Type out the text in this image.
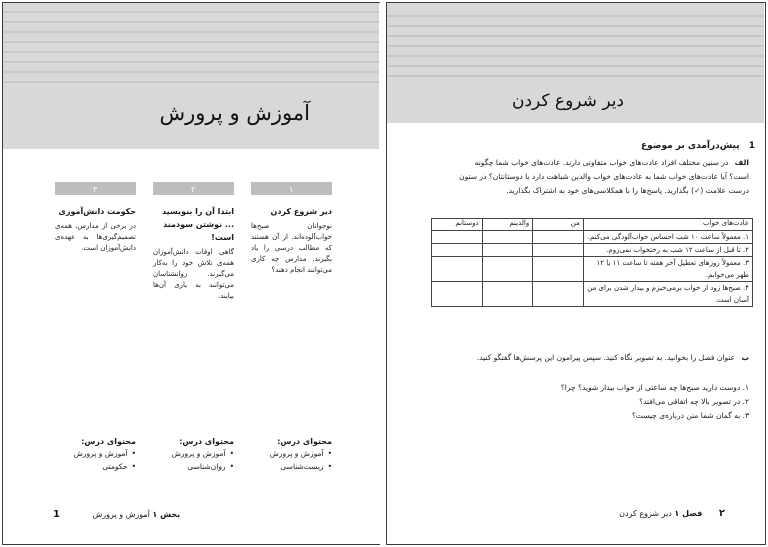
آموزش و پرورش
۱
دیر شروع کردن
نوجوانان صبح‌ها خواب‌آلوده‌اند. از آن هستند که مطالب درسی را یاد بگیرند. مدارس چه کاری می‌توانند انجام دهند؟
محتوای درس:
• آموزش و پرورش
• زیست‌شناسی
۲
ابتدا آن را بنویسید ... نوشتن سودمند است!
گاهی اوقات دانش‌آموزان همه‌ی تلاش خود را به‌کار می‌گیرند. روانشناسان می‌توانند به یاری آن‌ها بیایند.
محتوای درس:
• آموزش و پرورش
• روان‌شناسی
۳
حکومت دانش‌آموزی
در برخی از مدارس، همه‌ی تصمیم‌گیری‌ها به عهده‌ی دانش‌آموزان است.
محتوای درس:
• آموزش و پرورش
• حکومتی
بخش ۱ آموزش و پرورش 1
دیر شروع کردن
1 پیش‌درآمدی بر موضوع
الف در سنین مختلف افراد عادت‌های خواب متفاوتی دارند. عادت‌های خواب شما چگونه است؟ آیا عادت‌های خواب شما به عادت‌های خواب والدین شباهت دارد یا دوستانتان؟ در ستون درست علامت (✓) بگذارید. پاسخ‌ها را با همکلاسی‌های خود به اشتراک بگذارید.
عادت‌های خواب	من	والدینم	دوستانم
۱. معمولاً ساعت ۱۰ شب احساس خواب‌آلودگی می‌کنم.			
۲. تا قبل از ساعت ۱۲ شب به رختخواب نمی‌روم.			
۳. معمولاً روزهای تعطیل آخر هفته تا ساعت ۱۱ یا ۱۲ ظهر می‌خوابم.			
۴. صبح‌ها زود از خواب برمی‌خیزم و بیدار شدن برای من آسان است.			
ب عنوان فصل را بخوانید. به تصویر نگاه کنید. سپس پیرامون این پرسش‌ها گفتگو کنید.
۱. دوست دارید صبح‌ها چه ساعتی از خواب بیدار شوید؟ چرا؟
۲. در تصویر بالا چه اتفاقی می‌افتد؟
۳. به گمان شما متن درباره‌ی چیست؟
۲ فصل ۱ دیر شروع کردن
